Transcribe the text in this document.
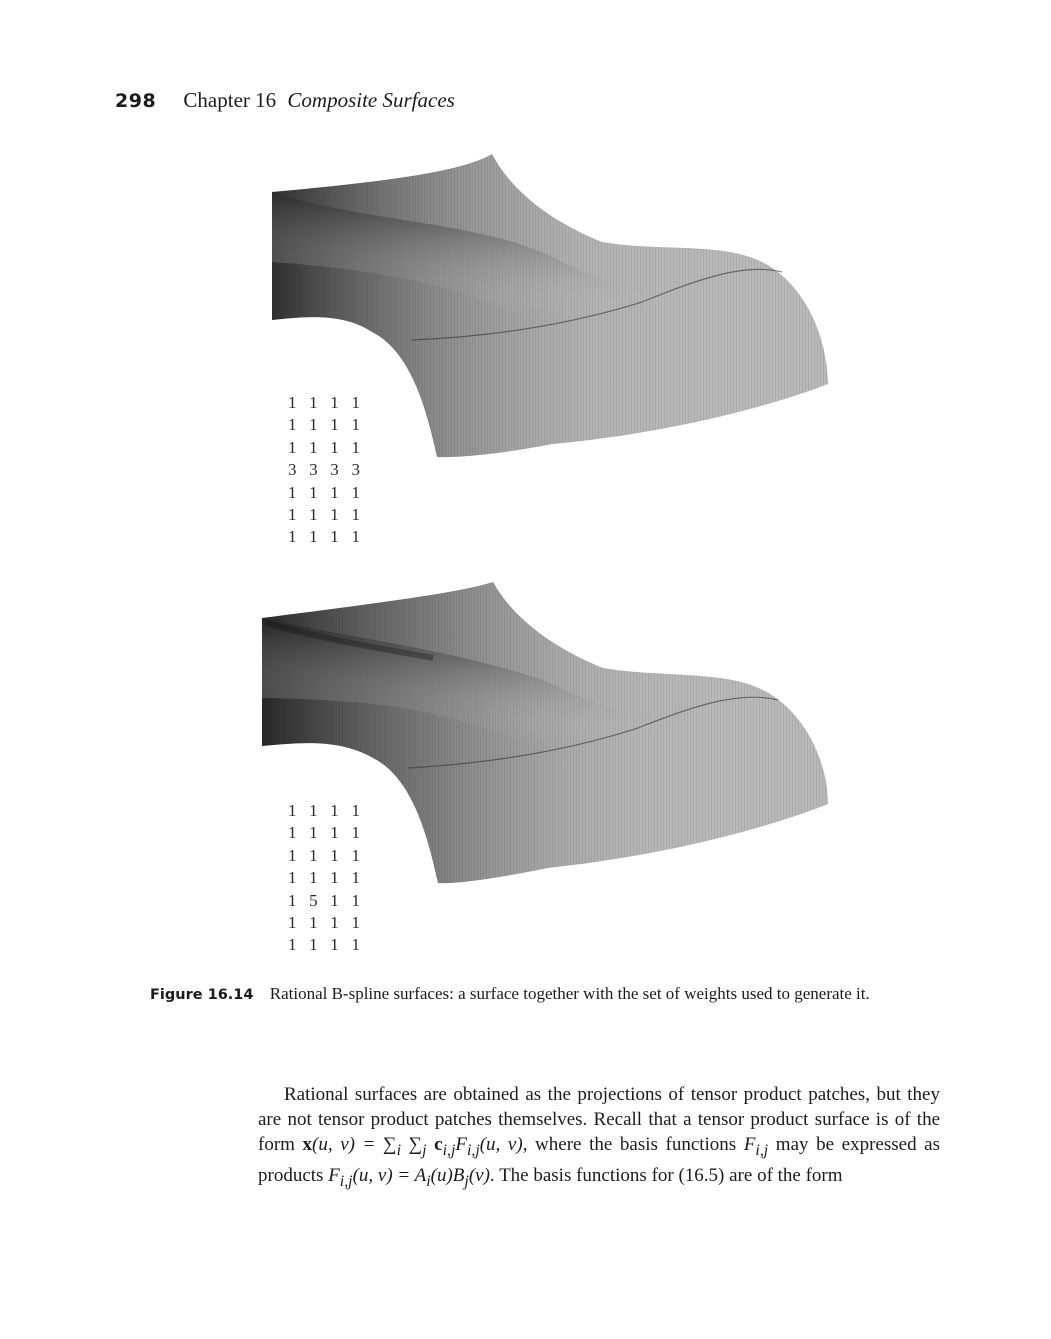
298 Chapter 16 Composite Surfaces
1 1 1 1
1 1 1 1
1 1 1 1
3 3 3 3
1 1 1 1
1 1 1 1
1 1 1 1
1 1 1 1
1 1 1 1
1 1 1 1
1 1 1 1
1 5 1 1
1 1 1 1
1 1 1 1
Figure 16.14 Rational B-spline surfaces: a surface together with the set of weights used to generate it.

Rational surfaces are obtained as the projections of tensor product patches, but they are not tensor product patches themselves. Recall that a tensor product surface is of the form x(u, $v) = \sum_i$ $\sum_j$ $c_{i,j}F_{i,j}(u$, v), where the basis functions $F_{i,j}$ may be expressed as products $F_{i,j}(u$, $v) = A_i(u)B_j(v)$. The basis functions for (16.5) are of the form
